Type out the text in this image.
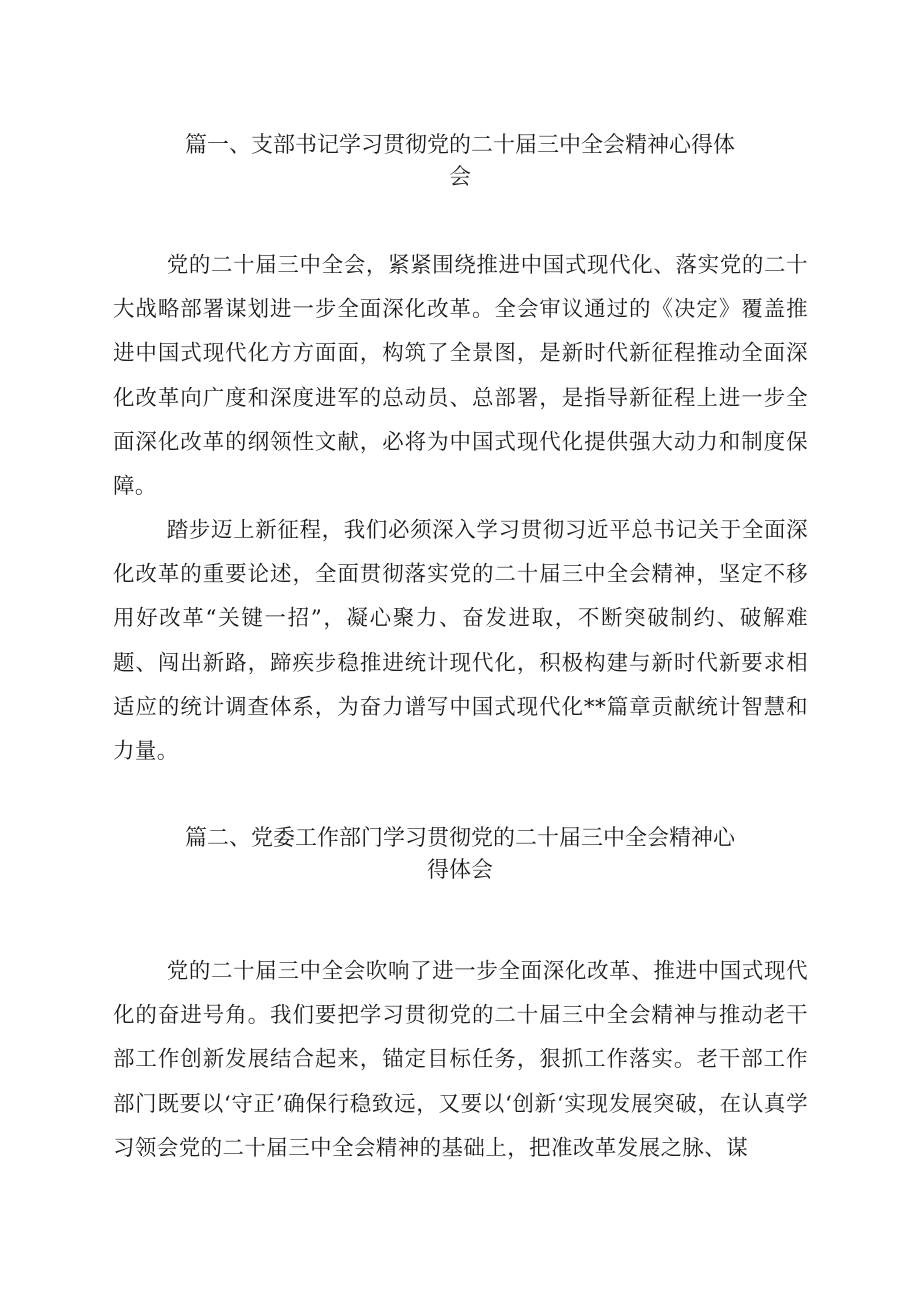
篇一、支部书记学习贯彻党的二十届三中全会精神心得体
会

党的二十届三中全会，紧紧围绕推进中国式现代化、落实党的二十大战略部署谋划进一步全面深化改革。全会审议通过的《决定》覆盖推进中国式现代化方方面面，构筑了全景图，是新时代新征程推动全面深化改革向广度和深度进军的总动员、总部署，是指导新征程上进一步全面深化改革的纲领性文献，必将为中国式现代化提供强大动力和制度保障。

踏步迈上新征程，我们必须深入学习贯彻习近平总书记关于全面深化改革的重要论述，全面贯彻落实党的二十届三中全会精神，坚定不移用好改革“关键一招”，凝心聚力、奋发进取，不断突破制约、破解难题、闯出新路，蹄疾步稳推进统计现代化，积极构建与新时代新要求相适应的统计调查体系，为奋力谱写中国式现代化**篇章贡献统计智慧和力量。

篇二、党委工作部门学习贯彻党的二十届三中全会精神心
得体会

党的二十届三中全会吹响了进一步全面深化改革、推进中国式现代化的奋进号角。我们要把学习贯彻党的二十届三中全会精神与推动老干部工作创新发展结合起来，锚定目标任务，狠抓工作落实。老干部工作部门既要以‘守正’确保行稳致远，又要以‘创新‘实现发展突破，在认真学习领会党的二十届三中全会精神的基础上，把准改革发展之脉、谋
